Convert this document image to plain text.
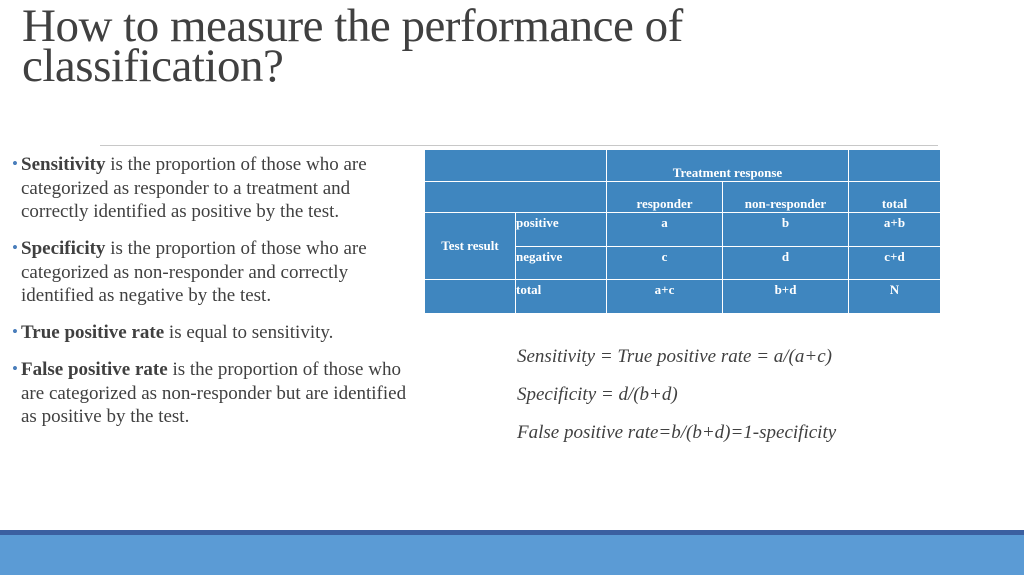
How to measure the performance of classification?
• Sensitivity is the proportion of those who are categorized as responder to a treatment and correctly identified as positive by the test.
• Specificity is the proportion of those who are categorized as non-responder and correctly identified as negative by the test.
• True positive rate is equal to sensitivity.
• False positive rate is the proportion of those who are categorized as non-responder but are identified as positive by the test.
		Treatment response		
		responder	non-responder	total
Test result	positive	a	b	a+b
	negative	c	d	c+d
	total	a+c	b+d	N
Sensitivity = True positive rate = a/(a+c)
Specificity = d/(b+d)
False positive rate=b/(b+d)=1-specificity
